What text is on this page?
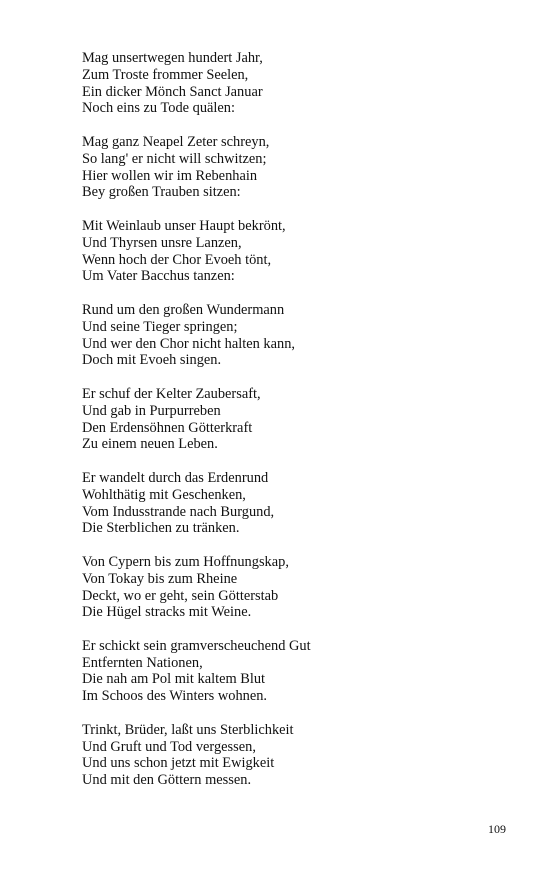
Mag unsertwegen hundert Jahr,
Zum Troste frommer Seelen,
Ein dicker Mönch Sanct Januar
Noch eins zu Tode quälen:
Mag ganz Neapel Zeter schreyn,
So lang' er nicht will schwitzen;
Hier wollen wir im Rebenhain
Bey großen Trauben sitzen:
Mit Weinlaub unser Haupt bekrönt,
Und Thyrsen unsre Lanzen,
Wenn hoch der Chor Evoeh tönt,
Um Vater Bacchus tanzen:
Rund um den großen Wundermann
Und seine Tieger springen;
Und wer den Chor nicht halten kann,
Doch mit Evoeh singen.
Er schuf der Kelter Zaubersaft,
Und gab in Purpurreben
Den Erdensöhnen Götterkraft
Zu einem neuen Leben.
Er wandelt durch das Erdenrund
Wohlthätig mit Geschenken,
Vom Indusstrande nach Burgund,
Die Sterblichen zu tränken.
Von Cypern bis zum Hoffnungskap,
Von Tokay bis zum Rheine
Deckt, wo er geht, sein Götterstab
Die Hügel stracks mit Weine.
Er schickt sein gramverscheuchend Gut
Entfernten Nationen,
Die nah am Pol mit kaltem Blut
Im Schoos des Winters wohnen.
Trinkt, Brüder, laßt uns Sterblichkeit
Und Gruft und Tod vergessen,
Und uns schon jetzt mit Ewigkeit
Und mit den Göttern messen.
109
